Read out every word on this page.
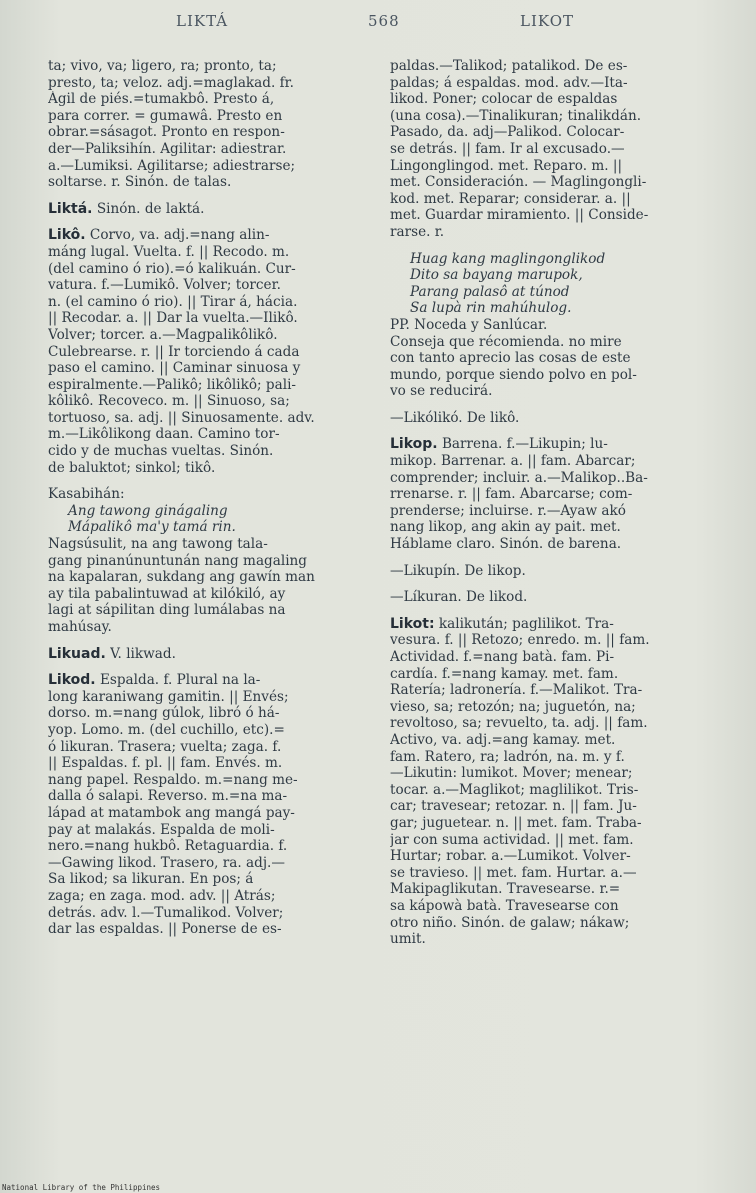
LIKTÁ	568	LIKOT
ta; vivo, va; ligero, ra; pronto, ta;
presto, ta; veloz. adj.=maglakad. fr.
Ágil de piés.=tumakbô. Presto á,
para correr. = gumawâ. Presto en
obrar.=sásagot. Pronto en respon-
der—Paliksihín. Agilitar: adiestrar.
a.—Lumiksi. Agilitarse; adiestrarse;
soltarse. r. Sinón. de talas.
Liktá. Sinón. de laktá.
Likô. Corvo, va. adj.=nang alin-
máng lugal. Vuelta. f. || Recodo. m.
(del camino ó rio).=ó kalikuán. Cur-
vatura. f.—Lumikô. Volver; torcer.
n. (el camino ó rio). || Tirar á, hácia.
|| Recodar. a. || Dar la vuelta.—Ilikô.
Volver; torcer. a.—Magpalikôlikô.
Culebrearse. r. || Ir torciendo á cada
paso el camino. || Caminar sinuosa y
espiralmente.—Palikô; likôlikô; pali-
kôlikô. Recoveco. m. || Sinuoso, sa;
tortuoso, sa. adj. || Sinuosamente. adv.
m.—Likôlikong daan. Camino tor-
cido y de muchas vueltas. Sinón.
de baluktot; sinkol; tikô.
Kasabihán:
Ang tawong ginágaling
Mápalikô ma'y tamá rin.
Nagsúsulit, na ang tawong tala-
gang pinanúnuntunán nang magaling
na kapalaran, sukdang ang gawín man
ay tila pabalintuwad at kilókiló, ay
lagi at sápilitan ding lumálabas na
mahúsay.
Likuad. V. likwad.
Likod. Espalda. f. Plural na la-
long karaniwang gamitin. || Envés;
dorso. m.=nang gúlok, libró ó há-
yop. Lomo. m. (del cuchillo, etc).=
ó likuran. Trasera; vuelta; zaga. f.
|| Espaldas. f. pl. || fam. Envés. m.
nang papel. Respaldo. m.=nang me-
dalla ó salapi. Reverso. m.=na ma-
lápad at matambok ang mangá pay-
pay at malakás. Espalda de moli-
nero.=nang hukbô. Retaguardia. f.
—Gawing likod. Trasero, ra. adj.—
Sa likod; sa likuran. En pos; á
zaga; en zaga. mod. adv. || Atrás;
detrás. adv. l.—Tumalikod. Volver;
dar las espaldas. || Ponerse de es-
paldas.—Talikod; patalikod. De es-
paldas; á espaldas. mod. adv.—Ita-
likod. Poner; colocar de espaldas
(una cosa).—Tinalikuran; tinalikdán.
Pasado, da. adj—Palikod. Colocar-
se detrás. || fam. Ir al excusado.—
Lingonglingod. met. Reparo. m. ||
met. Consideración. — Maglingongli-
kod. met. Reparar; considerar. a. ||
met. Guardar miramiento. || Conside-
rarse. r.
Huag kang maglingonglikod
Dito sa bayang marupok,
Parang palasô at túnod
Sa lupà rin mahúhulog.
PP. Noceda y Sanlúcar.
Conseja que récomienda. no mire
con tanto aprecio las cosas de este
mundo, porque siendo polvo en pol-
vo se reducirá.
—Likólikó. De likô.
Likop. Barrena. f.—Likupin; lu-
mikop. Barrenar. a. || fam. Abarcar;
comprender; incluir. a.—Malikop..Ba-
rrenarse. r. || fam. Abarcarse; com-
prenderse; incluirse. r.—Ayaw akó
nang likop, ang akin ay pait. met.
Háblame claro. Sinón. de barena.
—Likupín. De likop.
—Líkuran. De likod.
Likot: kalikután; paglilikot. Tra-
vesura. f. || Retozo; enredo. m. || fam.
Actividad. f.=nang batà. fam. Pi-
cardía. f.=nang kamay. met. fam.
Ratería; ladronería. f.—Malikot. Tra-
vieso, sa; retozón; na; juguetón, na;
revoltoso, sa; revuelto, ta. adj. || fam.
Activo, va. adj.=ang kamay. met.
fam. Ratero, ra; ladrón, na. m. y f.
—Likutin: lumikot. Mover; menear;
tocar. a.—Maglikot; maglilikot. Tris-
car; travesear; retozar. n. || fam. Ju-
gar; juguetear. n. || met. fam. Traba-
jar con suma actividad. || met. fam.
Hurtar; robar. a.—Lumikot. Volver-
se travieso. || met. fam. Hurtar. a.—
Makipaglikutan. Travesearse. r.=
sa kápowà batà. Travesearse con
otro niño. Sinón. de galaw; nákaw;
umit.
National Library of the Philippines
